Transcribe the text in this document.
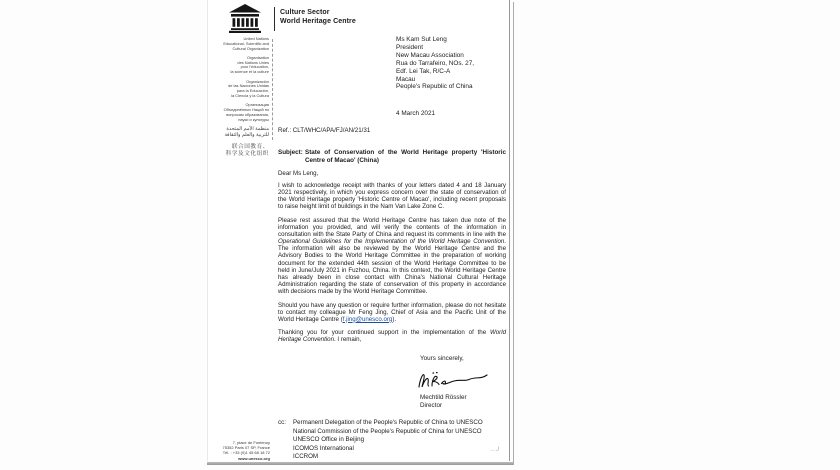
Culture Sector
World Heritage Centre
United Nations
Educational, Scientific and
Cultural Organization
Organisation
des Nations Unies
pour l'éducation,
la science et la culture
Organización
de las Naciones Unidas
para la Educación,
la Ciencia y la Cultura
Организация
Объединённых Наций по
вопросам образования,
науки и культуры
منظمة الأمم المتحدة
للتربية والعلم والثقافة
联合国教育、
科学及文化组织
7, place de Fontenoy
75352 Paris 07 SP, France
Tél. : +33 (0)1 45 68 18 72
www.unesco.org
Ms Kam Sut Leng
President
New Macau Association
Rua do Tarrafeiro, NOs. 27,
Edf. Lei Tak, R/C-A
Macau
People's Republic of China
4 March 2021
Ref.: CLT/WHC/APA/FJ/AN/21/31
Subject: State of Conservation of the World Heritage property 'Historic Centre of Macao' (China)

Dear Ms Leng,

I wish to acknowledge receipt with thanks of your letters dated 4 and 18 January 2021 respectively, in which you express concern over the state of conservation of the World Heritage property 'Historic Centre of Macao', including recent proposals to raise height limit of buildings in the Nam Van Lake Zone C.

Please rest assured that the World Heritage Centre has taken due note of the information you provided, and will verify the contents of the information in consultation with the State Party of China and request its comments in line with the Operational Guidelines for the Implementation of the World Heritage Convention. The information will also be reviewed by the World Heritage Centre and the Advisory Bodies to the World Heritage Committee in the preparation of working document for the extended 44th session of the World Heritage Committee to be held in June/July 2021 in Fuzhou, China. In this context, the World Heritage Centre has already been in close contact with China's National Cultural Heritage Administration regarding the state of conservation of this property in accordance with decisions made by the World Heritage Committee.

Should you have any question or require further information, please do not hesitate to contact my colleague Mr Feng Jing, Chief of Asia and the Pacific Unit of the World Heritage Centre (f.jing@unesco.org).

Thanking you for your continued support in the implementation of the World Heritage Convention. I remain,

Yours sincerely,
Mechtild Rössler
Director
cc:	Permanent Delegation of the People's Republic of China to UNESCO
National Commission of the People's Republic of China for UNESCO
UNESCO Office in Beijing
ICOMOS International
ICCROM
.../
